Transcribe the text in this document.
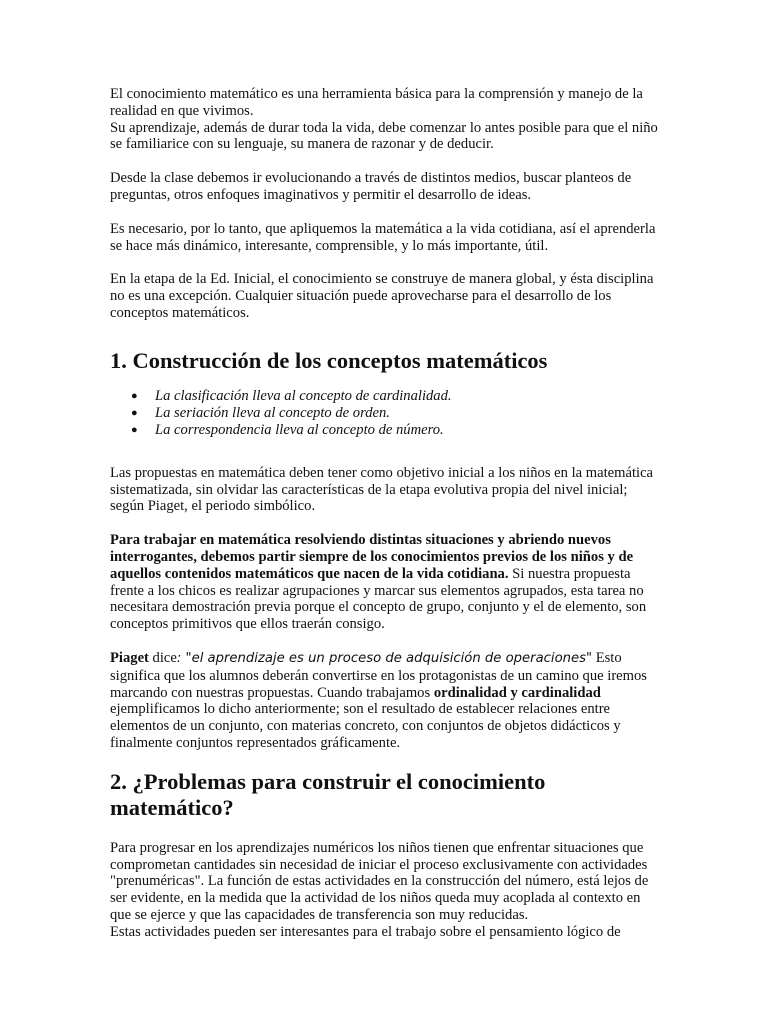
El conocimiento matemático es una herramienta básica para la comprensión y manejo de la realidad en que vivimos.
Su aprendizaje, además de durar toda la vida, debe comenzar lo antes posible para que el niño se familiarice con su lenguaje, su manera de razonar y de deducir.

Desde la clase debemos ir evolucionando a través de distintos medios, buscar planteos de preguntas, otros enfoques imaginativos y permitir el desarrollo de ideas.

Es necesario, por lo tanto, que apliquemos la matemática a la vida cotidiana, así el aprenderla se hace más dinámico, interesante, comprensible, y lo más importante, útil.

En la etapa de la Ed. Inicial, el conocimiento se construye de manera global, y ésta disciplina no es una excepción. Cualquier situación puede aprovecharse para el desarrollo de los conceptos matemáticos.

1. Construcción de los conceptos matemáticos
● La clasificación lleva al concepto de cardinalidad.
● La seriación lleva al concepto de orden.
● La correspondencia lleva al concepto de número.

Las propuestas en matemática deben tener como objetivo inicial a los niños en la matemática sistematizada, sin olvidar las características de la etapa evolutiva propia del nivel inicial; según Piaget, el periodo simbólico.

Para trabajar en matemática resolviendo distintas situaciones y abriendo nuevos interrogantes, debemos partir siempre de los conocimientos previos de los niños y de aquellos contenidos matemáticos que nacen de la vida cotidiana. Si nuestra propuesta frente a los chicos es realizar agrupaciones y marcar sus elementos agrupados, esta tarea no necesitara demostración previa porque el concepto de grupo, conjunto y el de elemento, son conceptos primitivos que ellos traerán consigo.

Piaget dice: "el aprendizaje es un proceso de adquisición de operaciones" Esto significa que los alumnos deberán convertirse en los protagonistas de un camino que iremos marcando con nuestras propuestas. Cuando trabajamos ordinalidad y cardinalidad ejemplificamos lo dicho anteriormente; son el resultado de establecer relaciones entre elementos de un conjunto, con materias concreto, con conjuntos de objetos didácticos y finalmente conjuntos representados gráficamente.

2. ¿Problemas para construir el conocimiento matemático?

Para progresar en los aprendizajes numéricos los niños tienen que enfrentar situaciones que comprometan cantidades sin necesidad de iniciar el proceso exclusivamente con actividades "prenuméricas". La función de estas actividades en la construcción del número, está lejos de ser evidente, en la medida que la actividad de los niños queda muy acoplada al contexto en que se ejerce y que las capacidades de transferencia son muy reducidas.

Estas actividades pueden ser interesantes para el trabajo sobre el pensamiento lógico de
